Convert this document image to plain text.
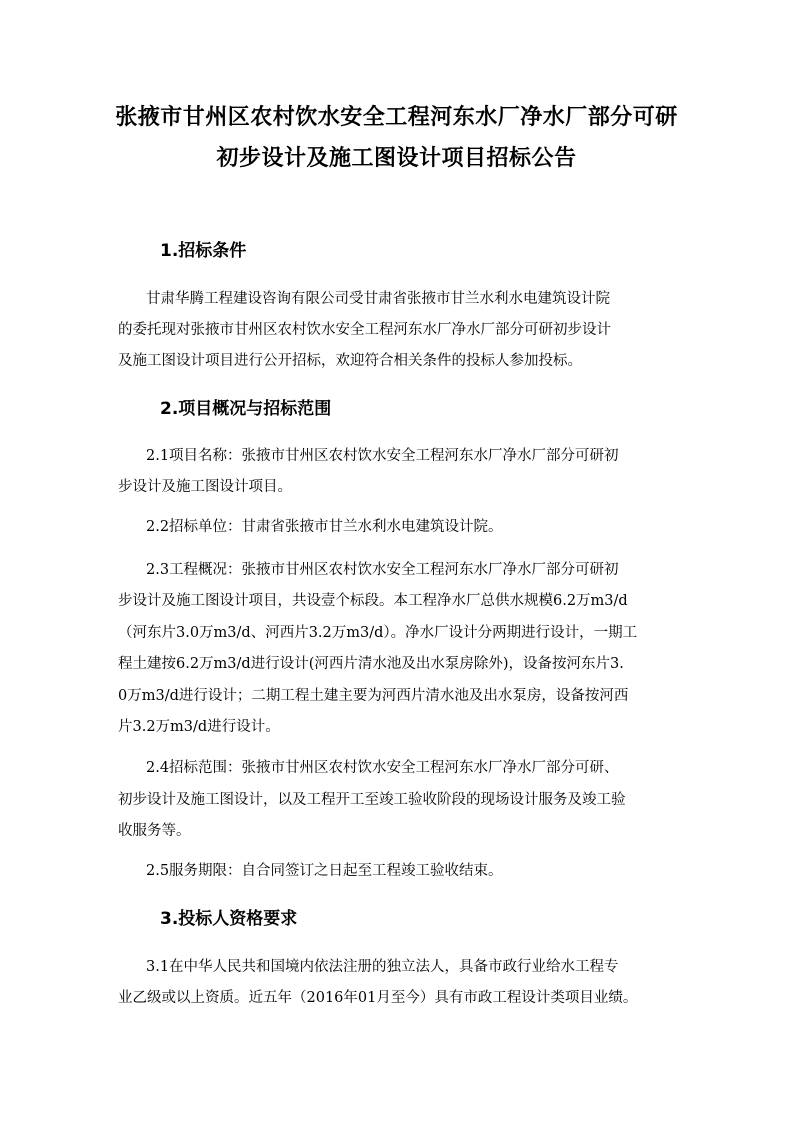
张掖市甘州区农村饮水安全工程河东水厂净水厂部分可研
初步设计及施工图设计项目招标公告
1.招标条件
甘肃华腾工程建设咨询有限公司受甘肃省张掖市甘兰水利水电建筑设计院
的委托现对张掖市甘州区农村饮水安全工程河东水厂净水厂部分可研初步设计
及施工图设计项目进行公开招标，欢迎符合相关条件的投标人参加投标。
2.项目概况与招标范围
2.1项目名称：张掖市甘州区农村饮水安全工程河东水厂净水厂部分可研初
步设计及施工图设计项目。
2.2招标单位：甘肃省张掖市甘兰水利水电建筑设计院。
2.3工程概况：张掖市甘州区农村饮水安全工程河东水厂净水厂部分可研初
步设计及施工图设计项目，共设壹个标段。本工程净水厂总供水规模6.2万m3/d
（河东片3.0万m3/d、河西片3.2万m3/d）。净水厂设计分两期进行设计，一期工
程土建按6.2万m3/d进行设计(河西片清水池及出水泵房除外)，设备按河东片3.
0万m3/d进行设计；二期工程土建主要为河西片清水池及出水泵房，设备按河西
片3.2万m3/d进行设计。
2.4招标范围：张掖市甘州区农村饮水安全工程河东水厂净水厂部分可研、
初步设计及施工图设计，以及工程开工至竣工验收阶段的现场设计服务及竣工验
收服务等。
2.5服务期限：自合同签订之日起至工程竣工验收结束。
3.投标人资格要求
3.1在中华人民共和国境内依法注册的独立法人，具备市政行业给水工程专
业乙级或以上资质。近五年（2016年01月至今）具有市政工程设计类项目业绩。
